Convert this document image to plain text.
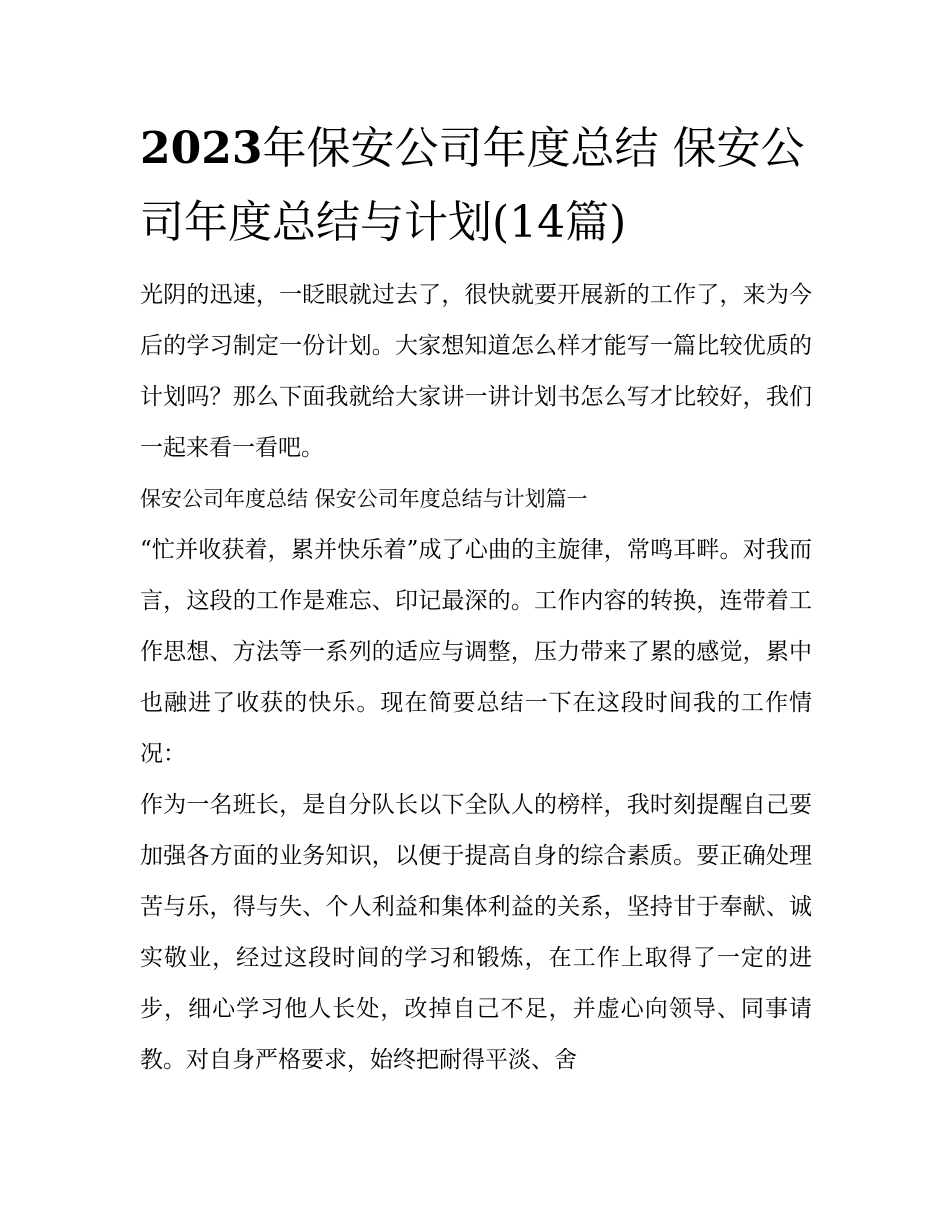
2023年保安公司年度总结 保安公司年度总结与计划(14篇)

光阴的迅速，一眨眼就过去了，很快就要开展新的工作了，来为今后的学习制定一份计划。大家想知道怎么样才能写一篇比较优质的计划吗？那么下面我就给大家讲一讲计划书怎么写才比较好，我们一起来看一看吧。

保安公司年度总结 保安公司年度总结与计划篇一

“忙并收获着，累并快乐着”成了心曲的主旋律，常鸣耳畔。对我而言，这段的工作是难忘、印记最深的。工作内容的转换，连带着工作思想、方法等一系列的适应与调整，压力带来了累的感觉，累中也融进了收获的快乐。现在简要总结一下在这段时间我的工作情况：

作为一名班长，是自分队长以下全队人的榜样，我时刻提醒自己要加强各方面的业务知识，以便于提高自身的综合素质。要正确处理苦与乐，得与失、个人利益和集体利益的关系，坚持甘于奉献、诚实敬业，经过这段时间的学习和锻炼，在工作上取得了一定的进步，细心学习他人长处，改掉自己不足，并虚心向领导、同事请教。对自身严格要求，始终把耐得平淡、舍
